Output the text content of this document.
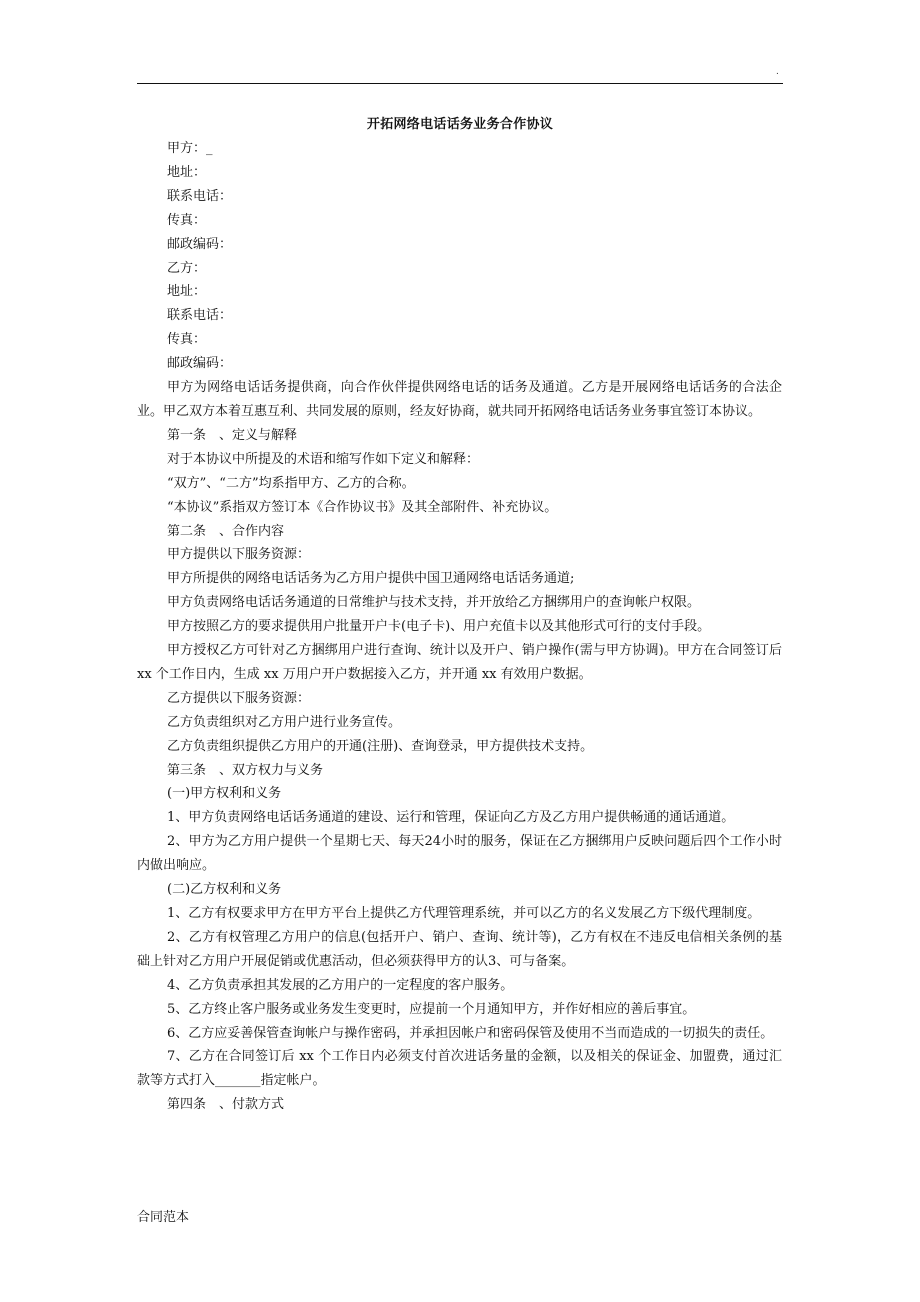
.
开拓网络电话话务业务合作协议

甲方：_

地址：

联系电话：

传真：

邮政编码：

乙方：

地址：

联系电话：

传真：

邮政编码：

甲方为网络电话话务提供商，向合作伙伴提供网络电话的话务及通道。乙方是开展网络电话话务的合法企业。甲乙双方本着互惠互利、共同发展的原则，经友好协商，就共同开拓网络电话话务业务事宜签订本协议。

第一条　、定义与解释

对于本协议中所提及的术语和缩写作如下定义和解释：

“双方”、“二方”均系指甲方、乙方的合称。

“本协议”系指双方签订本《合作协议书》及其全部附件、补充协议。

第二条　、合作内容

甲方提供以下服务资源：

甲方所提供的网络电话话务为乙方用户提供中国卫通网络电话话务通道;

甲方负责网络电话话务通道的日常维护与技术支持，并开放给乙方捆绑用户的查询帐户权限。

甲方按照乙方的要求提供用户批量开户卡(电子卡)、用户充值卡以及其他形式可行的支付手段。

甲方授权乙方可针对乙方捆绑用户进行查询、统计以及开户、销户操作(需与甲方协调)。甲方在合同签订后 xx 个工作日内，生成 xx 万用户开户数据接入乙方，并开通 xx 有效用户数据。

乙方提供以下服务资源：

乙方负责组织对乙方用户进行业务宣传。

乙方负责组织提供乙方用户的开通(注册)、查询登录，甲方提供技术支持。

第三条　、双方权力与义务

(一)甲方权利和义务

1、甲方负责网络电话话务通道的建设、运行和管理，保证向乙方及乙方用户提供畅通的通话通道。

2、甲方为乙方用户提供一个星期七天、每天24小时的服务，保证在乙方捆绑用户反映问题后四个工作小时内做出响应。

(二)乙方权利和义务

1、乙方有权要求甲方在甲方平台上提供乙方代理管理系统，并可以乙方的名义发展乙方下级代理制度。

2、乙方有权管理乙方用户的信息(包括开户、销户、查询、统计等)，乙方有权在不违反电信相关条例的基础上针对乙方用户开展促销或优惠活动，但必须获得甲方的认3、可与备案。

4、乙方负责承担其发展的乙方用户的一定程度的客户服务。

5、乙方终止客户服务或业务发生变更时，应提前一个月通知甲方，并作好相应的善后事宜。

6、乙方应妥善保管查询帐户与操作密码，并承担因帐户和密码保管及使用不当而造成的一切损失的责任。

7、乙方在合同签订后 xx 个工作日内必须支付首次进话务量的金额，以及相关的保证金、加盟费，通过汇款等方式打入_______指定帐户。

第四条　、付款方式

合同范本
